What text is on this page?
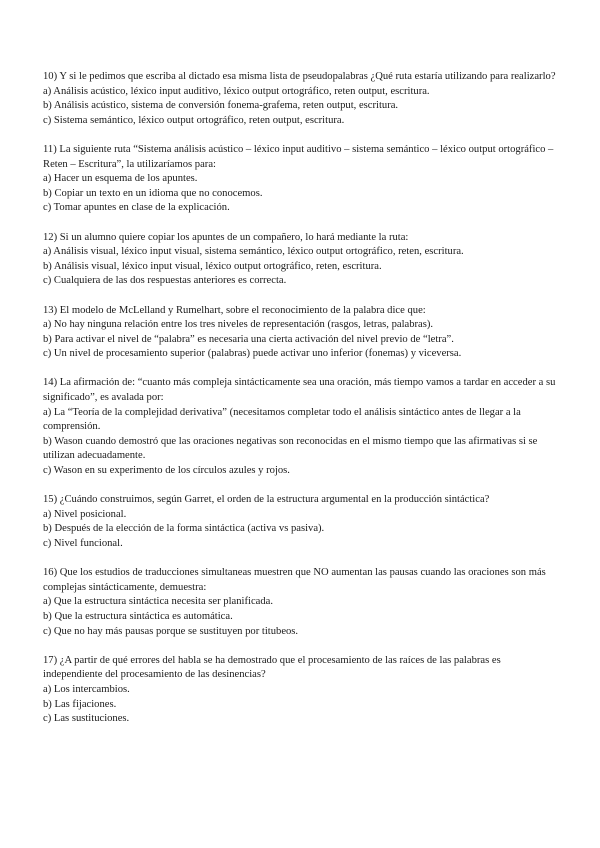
10) Y si le pedimos que escriba al dictado esa misma lista de pseudopalabras ¿Qué ruta estaría utilizando para realizarlo?

a) Análisis acústico, léxico input auditivo, léxico output ortográfico, reten output, escritura.

b) Análisis acústico, sistema de conversión fonema-grafema, reten output, escritura.

c) Sistema semántico, léxico output ortográfico, reten output, escritura.

11) La siguiente ruta “Sistema análisis acústico – léxico input auditivo – sistema semántico – léxico output ortográfico – Reten – Escritura”, la utilizaríamos para:

a) Hacer un esquema de los apuntes.

b) Copiar un texto en un idioma que no conocemos.

c) Tomar apuntes en clase de la explicación.

12) Si un alumno quiere copiar los apuntes de un compañero, lo hará mediante la ruta:

a) Análisis visual, léxico input visual, sistema semántico, léxico output ortográfico, reten, escritura.

b) Análisis visual, léxico input visual, léxico output ortográfico, reten, escritura.

c) Cualquiera de las dos respuestas anteriores es correcta.

13) El modelo de McLelland y Rumelhart, sobre el reconocimiento de la palabra dice que:

a) No hay ninguna relación entre los tres niveles de representación (rasgos, letras, palabras).

b) Para activar el nivel de “palabra” es necesaria una cierta activación del nivel previo de “letra”.

c) Un nivel de procesamiento superior (palabras) puede activar uno inferior (fonemas) y viceversa.

14) La afirmación de: “cuanto más compleja sintácticamente sea una oración, más tiempo vamos a tardar en acceder a su significado”, es avalada por:

a) La “Teoría de la complejidad derivativa” (necesitamos completar todo el análisis sintáctico antes de llegar a la comprensión.

b) Wason cuando demostró que las oraciones negativas son reconocidas en el mismo tiempo que las afirmativas si se utilizan adecuadamente.

c) Wason en su experimento de los círculos azules y rojos.

15) ¿Cuándo construimos, según Garret, el orden de la estructura argumental en la producción sintáctica?

a) Nivel posicional.

b) Después de la elección de la forma sintáctica (activa vs pasiva).

c) Nivel funcional.

16) Que los estudios de traducciones simultaneas muestren que NO aumentan las pausas cuando las oraciones son más complejas sintácticamente, demuestra:

a) Que la estructura sintáctica necesita ser planificada.

b) Que la estructura sintáctica es automática.

c) Que no hay más pausas porque se sustituyen por titubeos.

17) ¿A partir de qué errores del habla se ha demostrado que el procesamiento de las raíces de las palabras es independiente del procesamiento de las desinencias?

a) Los intercambios.

b) Las fijaciones.

c) Las sustituciones.
